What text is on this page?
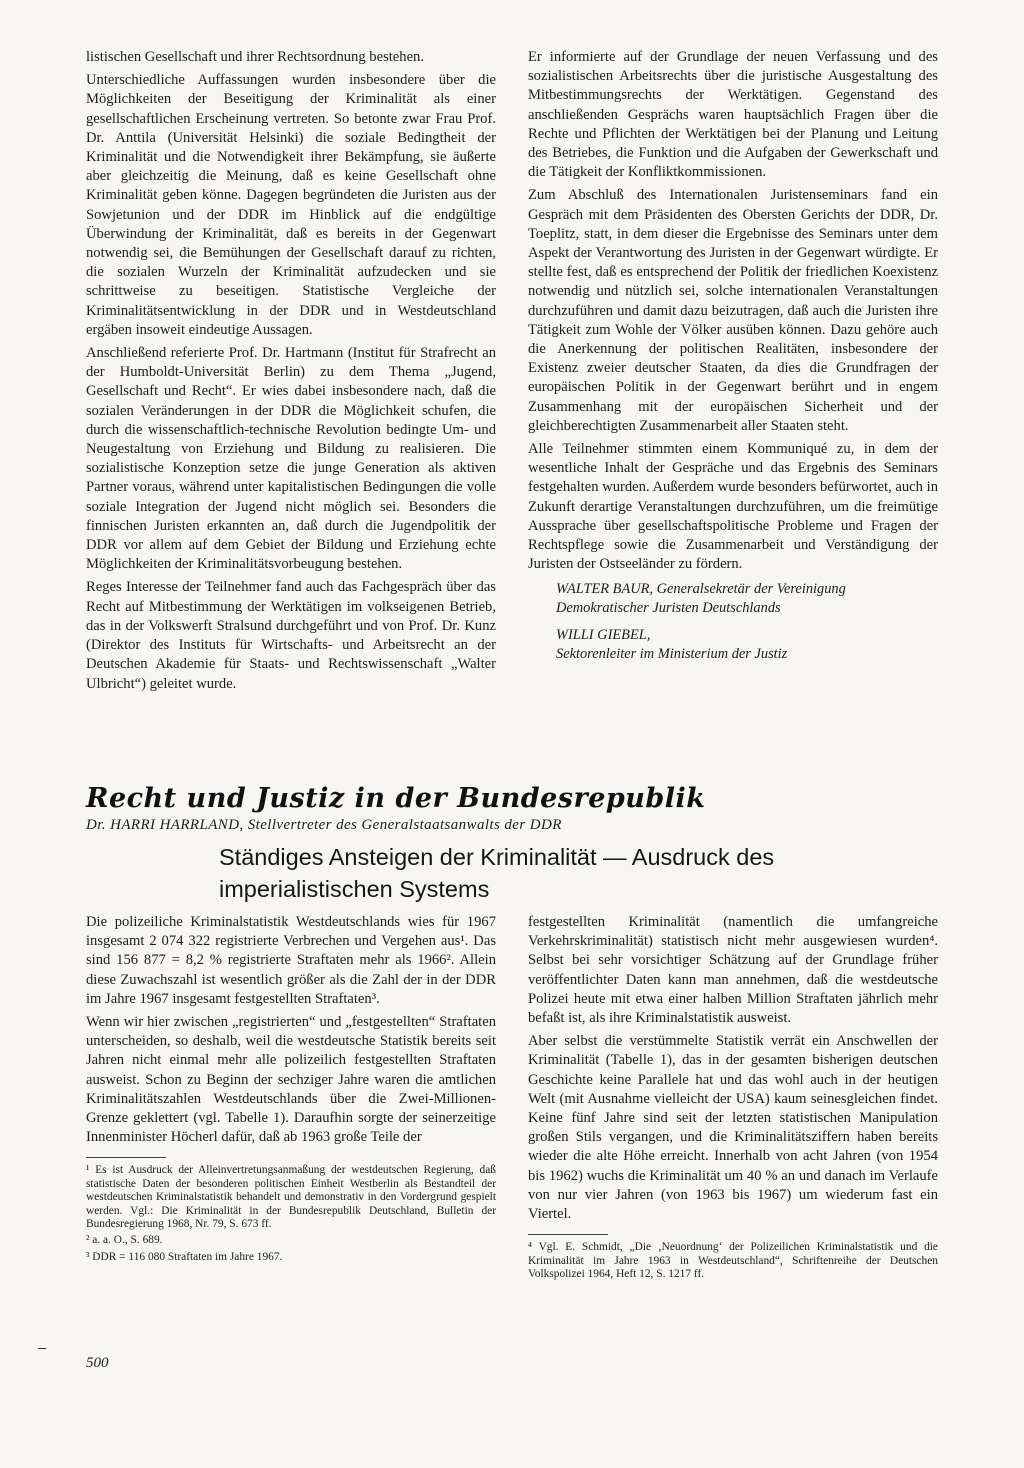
listischen Gesellschaft und ihrer Rechtsordnung bestehen.

Unterschiedliche Auffassungen wurden insbesondere über die Möglichkeiten der Beseitigung der Kriminalität als einer gesellschaftlichen Erscheinung vertreten. So betonte zwar Frau Prof. Dr. Anttila (Universität Helsinki) die soziale Bedingtheit der Kriminalität und die Notwendigkeit ihrer Bekämpfung, sie äußerte aber gleichzeitig die Meinung, daß es keine Gesellschaft ohne Kriminalität geben könne. Dagegen begründeten die Juristen aus der Sowjetunion und der DDR im Hinblick auf die endgültige Überwindung der Kriminalität, daß es bereits in der Gegenwart notwendig sei, die Bemühungen der Gesellschaft darauf zu richten, die sozialen Wurzeln der Kriminalität aufzudecken und sie schrittweise zu beseitigen. Statistische Vergleiche der Kriminalitätsentwicklung in der DDR und in Westdeutschland ergäben insoweit eindeutige Aussagen.

Anschließend referierte Prof. Dr. Hartmann (Institut für Strafrecht an der Humboldt-Universität Berlin) zu dem Thema „Jugend, Gesellschaft und Recht“. Er wies dabei insbesondere nach, daß die sozialen Veränderungen in der DDR die Möglichkeit schufen, die durch die wissenschaftlich-technische Revolution bedingte Um- und Neugestaltung von Erziehung und Bildung zu realisieren. Die sozialistische Konzeption setze die junge Generation als aktiven Partner voraus, während unter kapitalistischen Bedingungen die volle soziale Integration der Jugend nicht möglich sei. Besonders die finnischen Juristen erkannten an, daß durch die Jugendpolitik der DDR vor allem auf dem Gebiet der Bildung und Erziehung echte Möglichkeiten der Kriminalitätsvorbeugung bestehen.

Reges Interesse der Teilnehmer fand auch das Fachgespräch über das Recht auf Mitbestimmung der Werktätigen im volkseigenen Betrieb, das in der Volkswerft Stralsund durchgeführt und von Prof. Dr. Kunz (Direktor des Instituts für Wirtschafts- und Arbeitsrecht an der Deutschen Akademie für Staats- und Rechtswissenschaft „Walter Ulbricht“) geleitet wurde.

Er informierte auf der Grundlage der neuen Verfassung und des sozialistischen Arbeitsrechts über die juristische Ausgestaltung des Mitbestimmungsrechts der Werktätigen. Gegenstand des anschließenden Gesprächs waren hauptsächlich Fragen über die Rechte und Pflichten der Werktätigen bei der Planung und Leitung des Betriebes, die Funktion und die Aufgaben der Gewerkschaft und die Tätigkeit der Konfliktkommissionen.

Zum Abschluß des Internationalen Juristenseminars fand ein Gespräch mit dem Präsidenten des Obersten Gerichts der DDR, Dr. Toeplitz, statt, in dem dieser die Ergebnisse des Seminars unter dem Aspekt der Verantwortung des Juristen in der Gegenwart würdigte. Er stellte fest, daß es entsprechend der Politik der friedlichen Koexistenz notwendig und nützlich sei, solche internationalen Veranstaltungen durchzuführen und damit dazu beizutragen, daß auch die Juristen ihre Tätigkeit zum Wohle der Völker ausüben können. Dazu gehöre auch die Anerkennung der politischen Realitäten, insbesondere der Existenz zweier deutscher Staaten, da dies die Grundfragen der europäischen Politik in der Gegenwart berührt und in engem Zusammenhang mit der europäischen Sicherheit und der gleichberechtigten Zusammenarbeit aller Staaten steht.

Alle Teilnehmer stimmten einem Kommuniqué zu, in dem der wesentliche Inhalt der Gespräche und das Ergebnis des Seminars festgehalten wurden. Außerdem wurde besonders befürwortet, auch in Zukunft derartige Veranstaltungen durchzuführen, um die freimütige Aussprache über gesellschaftspolitische Probleme und Fragen der Rechtspflege sowie die Zusammenarbeit und Verständigung der Juristen der Ostseeländer zu fördern.

WALTER BAUR, Generalsekretär der Vereinigung
Demokratischer Juristen Deutschlands
WILLI GIEBEL,
Sektorenleiter im Ministerium der Justiz
Recht und Justiz in der Bundesrepublik
Dr. HARRI HARRLAND, Stellvertreter des Generalstaatsanwalts der DDR
Ständiges Ansteigen der Kriminalität — Ausdruck des imperialistischen Systems

Die polizeiliche Kriminalstatistik Westdeutschlands wies für 1967 insgesamt 2 074 322 registrierte Verbrechen und Vergehen aus¹. Das sind 156 877 = 8,2 % registrierte Straftaten mehr als 1966². Allein diese Zuwachszahl ist wesentlich größer als die Zahl der in der DDR im Jahre 1967 insgesamt festgestellten Straftaten³.

Wenn wir hier zwischen „registrierten“ und „festgestellten“ Straftaten unterscheiden, so deshalb, weil die westdeutsche Statistik bereits seit Jahren nicht einmal mehr alle polizeilich festgestellten Straftaten ausweist. Schon zu Beginn der sechziger Jahre waren die amtlichen Kriminalitätszahlen Westdeutschlands über die Zwei-Millionen-Grenze geklettert (vgl. Tabelle 1). Daraufhin sorgte der seinerzeitige Innenminister Höcherl dafür, daß ab 1963 große Teile der

¹ Es ist Ausdruck der Alleinvertretungsanmaßung der westdeutschen Regierung, daß statistische Daten der besonderen politischen Einheit Westberlin als Bestandteil der westdeutschen Kriminalstatistik behandelt und demonstrativ in den Vordergrund gespielt werden. Vgl.: Die Kriminalität in der Bundesrepublik Deutschland, Bulletin der Bundesregierung 1968, Nr. 79, S. 673 ff.

² a. a. O., S. 689.

³ DDR = 116 080 Straftaten im Jahre 1967.

festgestellten Kriminalität (namentlich die umfangreiche Verkehrskriminalität) statistisch nicht mehr ausgewiesen wurden⁴. Selbst bei sehr vorsichtiger Schätzung auf der Grundlage früher veröffentlichter Daten kann man annehmen, daß die westdeutsche Polizei heute mit etwa einer halben Million Straftaten jährlich mehr befaßt ist, als ihre Kriminalstatistik ausweist.

Aber selbst die verstümmelte Statistik verrät ein Anschwellen der Kriminalität (Tabelle 1), das in der gesamten bisherigen deutschen Geschichte keine Parallele hat und das wohl auch in der heutigen Welt (mit Ausnahme vielleicht der USA) kaum seinesgleichen findet. Keine fünf Jahre sind seit der letzten statistischen Manipulation großen Stils vergangen, und die Kriminalitätsziffern haben bereits wieder die alte Höhe erreicht. Innerhalb von acht Jahren (von 1954 bis 1962) wuchs die Kriminalität um 40 % an und danach im Verlaufe von nur vier Jahren (von 1963 bis 1967) um wiederum fast ein Viertel.

⁴ Vgl. E. Schmidt, „Die ‚Neuordnung‘ der Polizeilichen Kriminalstatistik und die Kriminalität im Jahre 1963 in Westdeutschland“, Schriftenreihe der Deutschen Volkspolizei 1964, Heft 12, S. 1217 ff.

500
